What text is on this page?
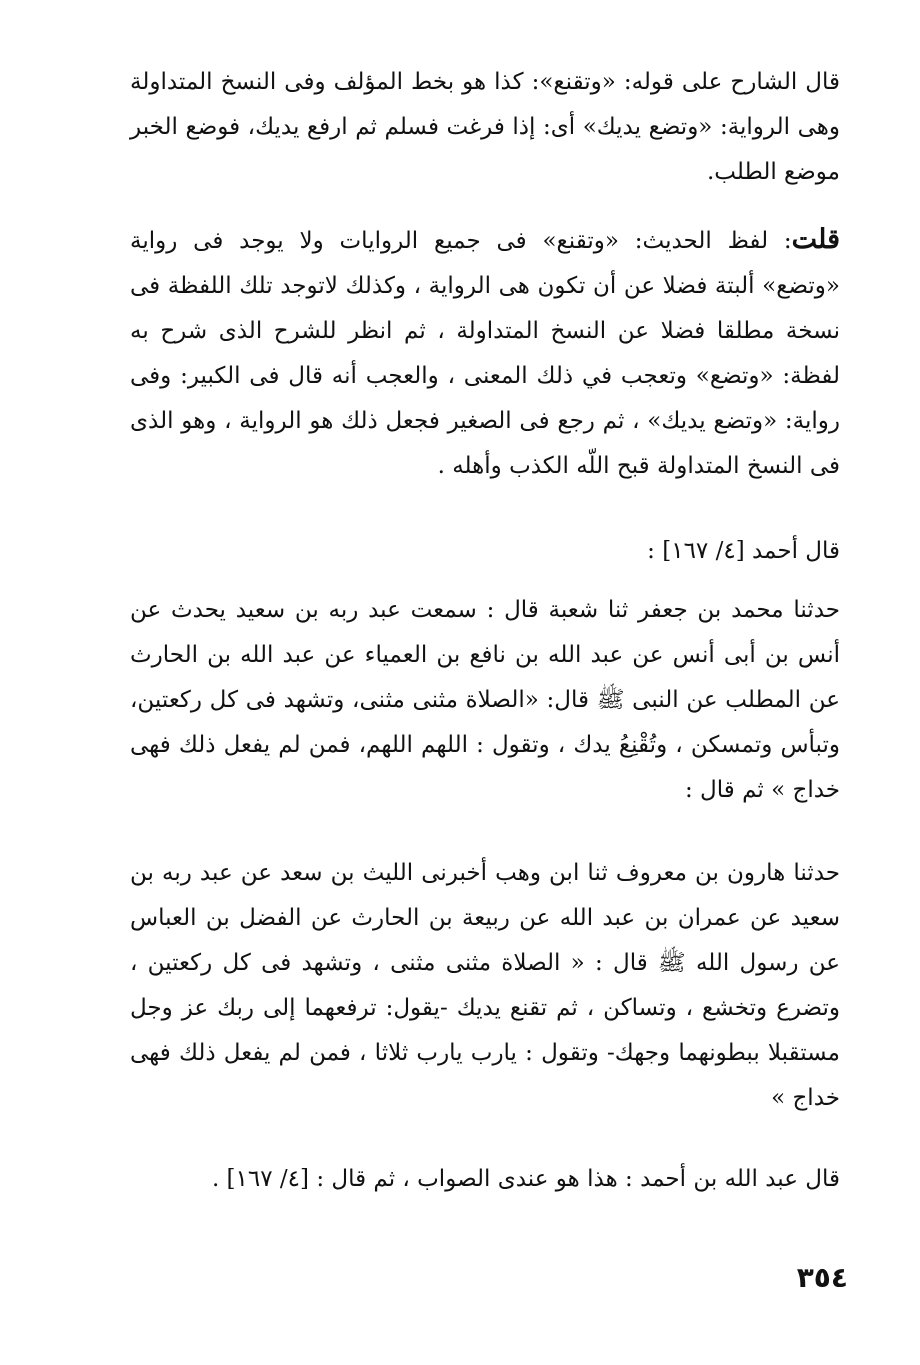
قال الشارح على قوله: «وتقنع»: كذا هو بخط المؤلف وفى النسخ المتداولة وهى الرواية: «وتضع يديك» أى: إذا فرغت فسلم ثم ارفع يديك، فوضع الخبر موضع الطلب.

قلت: لفظ الحديث: «وتقنع» فى جميع الروايات ولا يوجد فى رواية «وتضع» ألبتة فضلا عن أن تكون هى الرواية ، وكذلك لاتوجد تلك اللفظة فى نسخة مطلقا فضلا عن النسخ المتداولة ، ثم انظر للشرح الذى شرح به لفظة: «وتضع» وتعجب في ذلك المعنى ، والعجب أنه قال فى الكبير: وفى رواية: «وتضع يديك» ، ثم رجع فى الصغير فجعل ذلك هو الرواية ، وهو الذى فى النسخ المتداولة قبح اللّه الكذب وأهله .

قال أحمد [٤/ ١٦٧] :

حدثنا محمد بن جعفر ثنا شعبة قال : سمعت عبد ربه بن سعيد يحدث عن أنس بن أبى أنس عن عبد الله بن نافع بن العمياء عن عبد الله بن الحارث عن المطلب عن النبى ﷺ قال: «الصلاة مثنى مثنى، وتشهد فى كل ركعتين، وتبأس وتمسكن ، وتُقْنِعُ يدك ، وتقول : اللهم اللهم، فمن لم يفعل ذلك فهى خداج » ثم قال :

حدثنا هارون بن معروف ثنا ابن وهب أخبرنى الليث بن سعد عن عبد ربه بن سعيد عن عمران بن عبد الله عن ربيعة بن الحارث عن الفضل بن العباس عن رسول الله ﷺ قال : « الصلاة مثنى مثنى ، وتشهد فى كل ركعتين ، وتضرع وتخشع ، وتساكن ، ثم تقنع يديك -يقول: ترفعهما إلى ربك عز وجل مستقبلا ببطونهما وجهك- وتقول : يارب يارب ثلاثا ، فمن لم يفعل ذلك فهى خداج »

قال عبد الله بن أحمد : هذا هو عندى الصواب ، ثم قال : [٤/ ١٦٧] .

٣٥٤
